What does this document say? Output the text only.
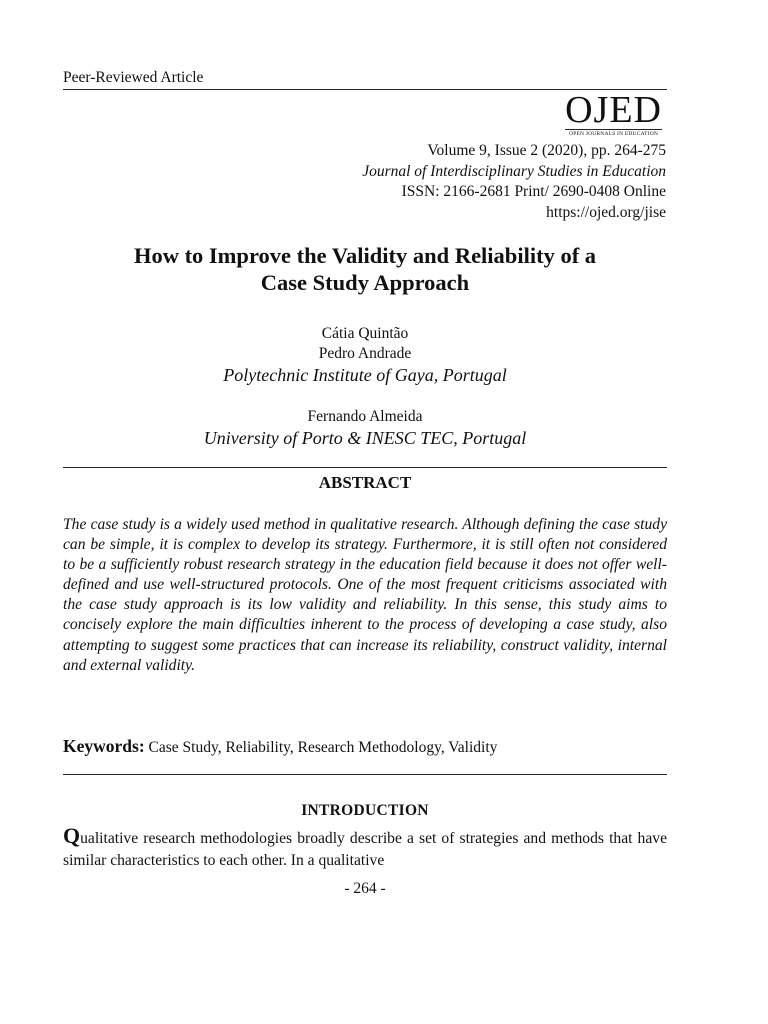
Peer-Reviewed Article
OJED
OPEN JOURNALS IN EDUCATION
Volume 9, Issue 2 (2020), pp. 264-275
Journal of Interdisciplinary Studies in Education
ISSN: 2166-2681 Print/ 2690-0408 Online
https://ojed.org/jise
How to Improve the Validity and Reliability of a
Case Study Approach
Cátia Quintão
Pedro Andrade
Polytechnic Institute of Gaya, Portugal
Fernando Almeida
University of Porto & INESC TEC, Portugal
ABSTRACT
The case study is a widely used method in qualitative research. Although defining the case study can be simple, it is complex to develop its strategy. Furthermore, it is still often not considered to be a sufficiently robust research strategy in the education field because it does not offer well-defined and use well-structured protocols. One of the most frequent criticisms associated with the case study approach is its low validity and reliability. In this sense, this study aims to concisely explore the main difficulties inherent to the process of developing a case study, also attempting to suggest some practices that can increase its reliability, construct validity, internal and external validity.
Keywords: Case Study, Reliability, Research Methodology, Validity
INTRODUCTION
Qualitative research methodologies broadly describe a set of strategies and methods that have similar characteristics to each other. In a qualitative
- 264 -
